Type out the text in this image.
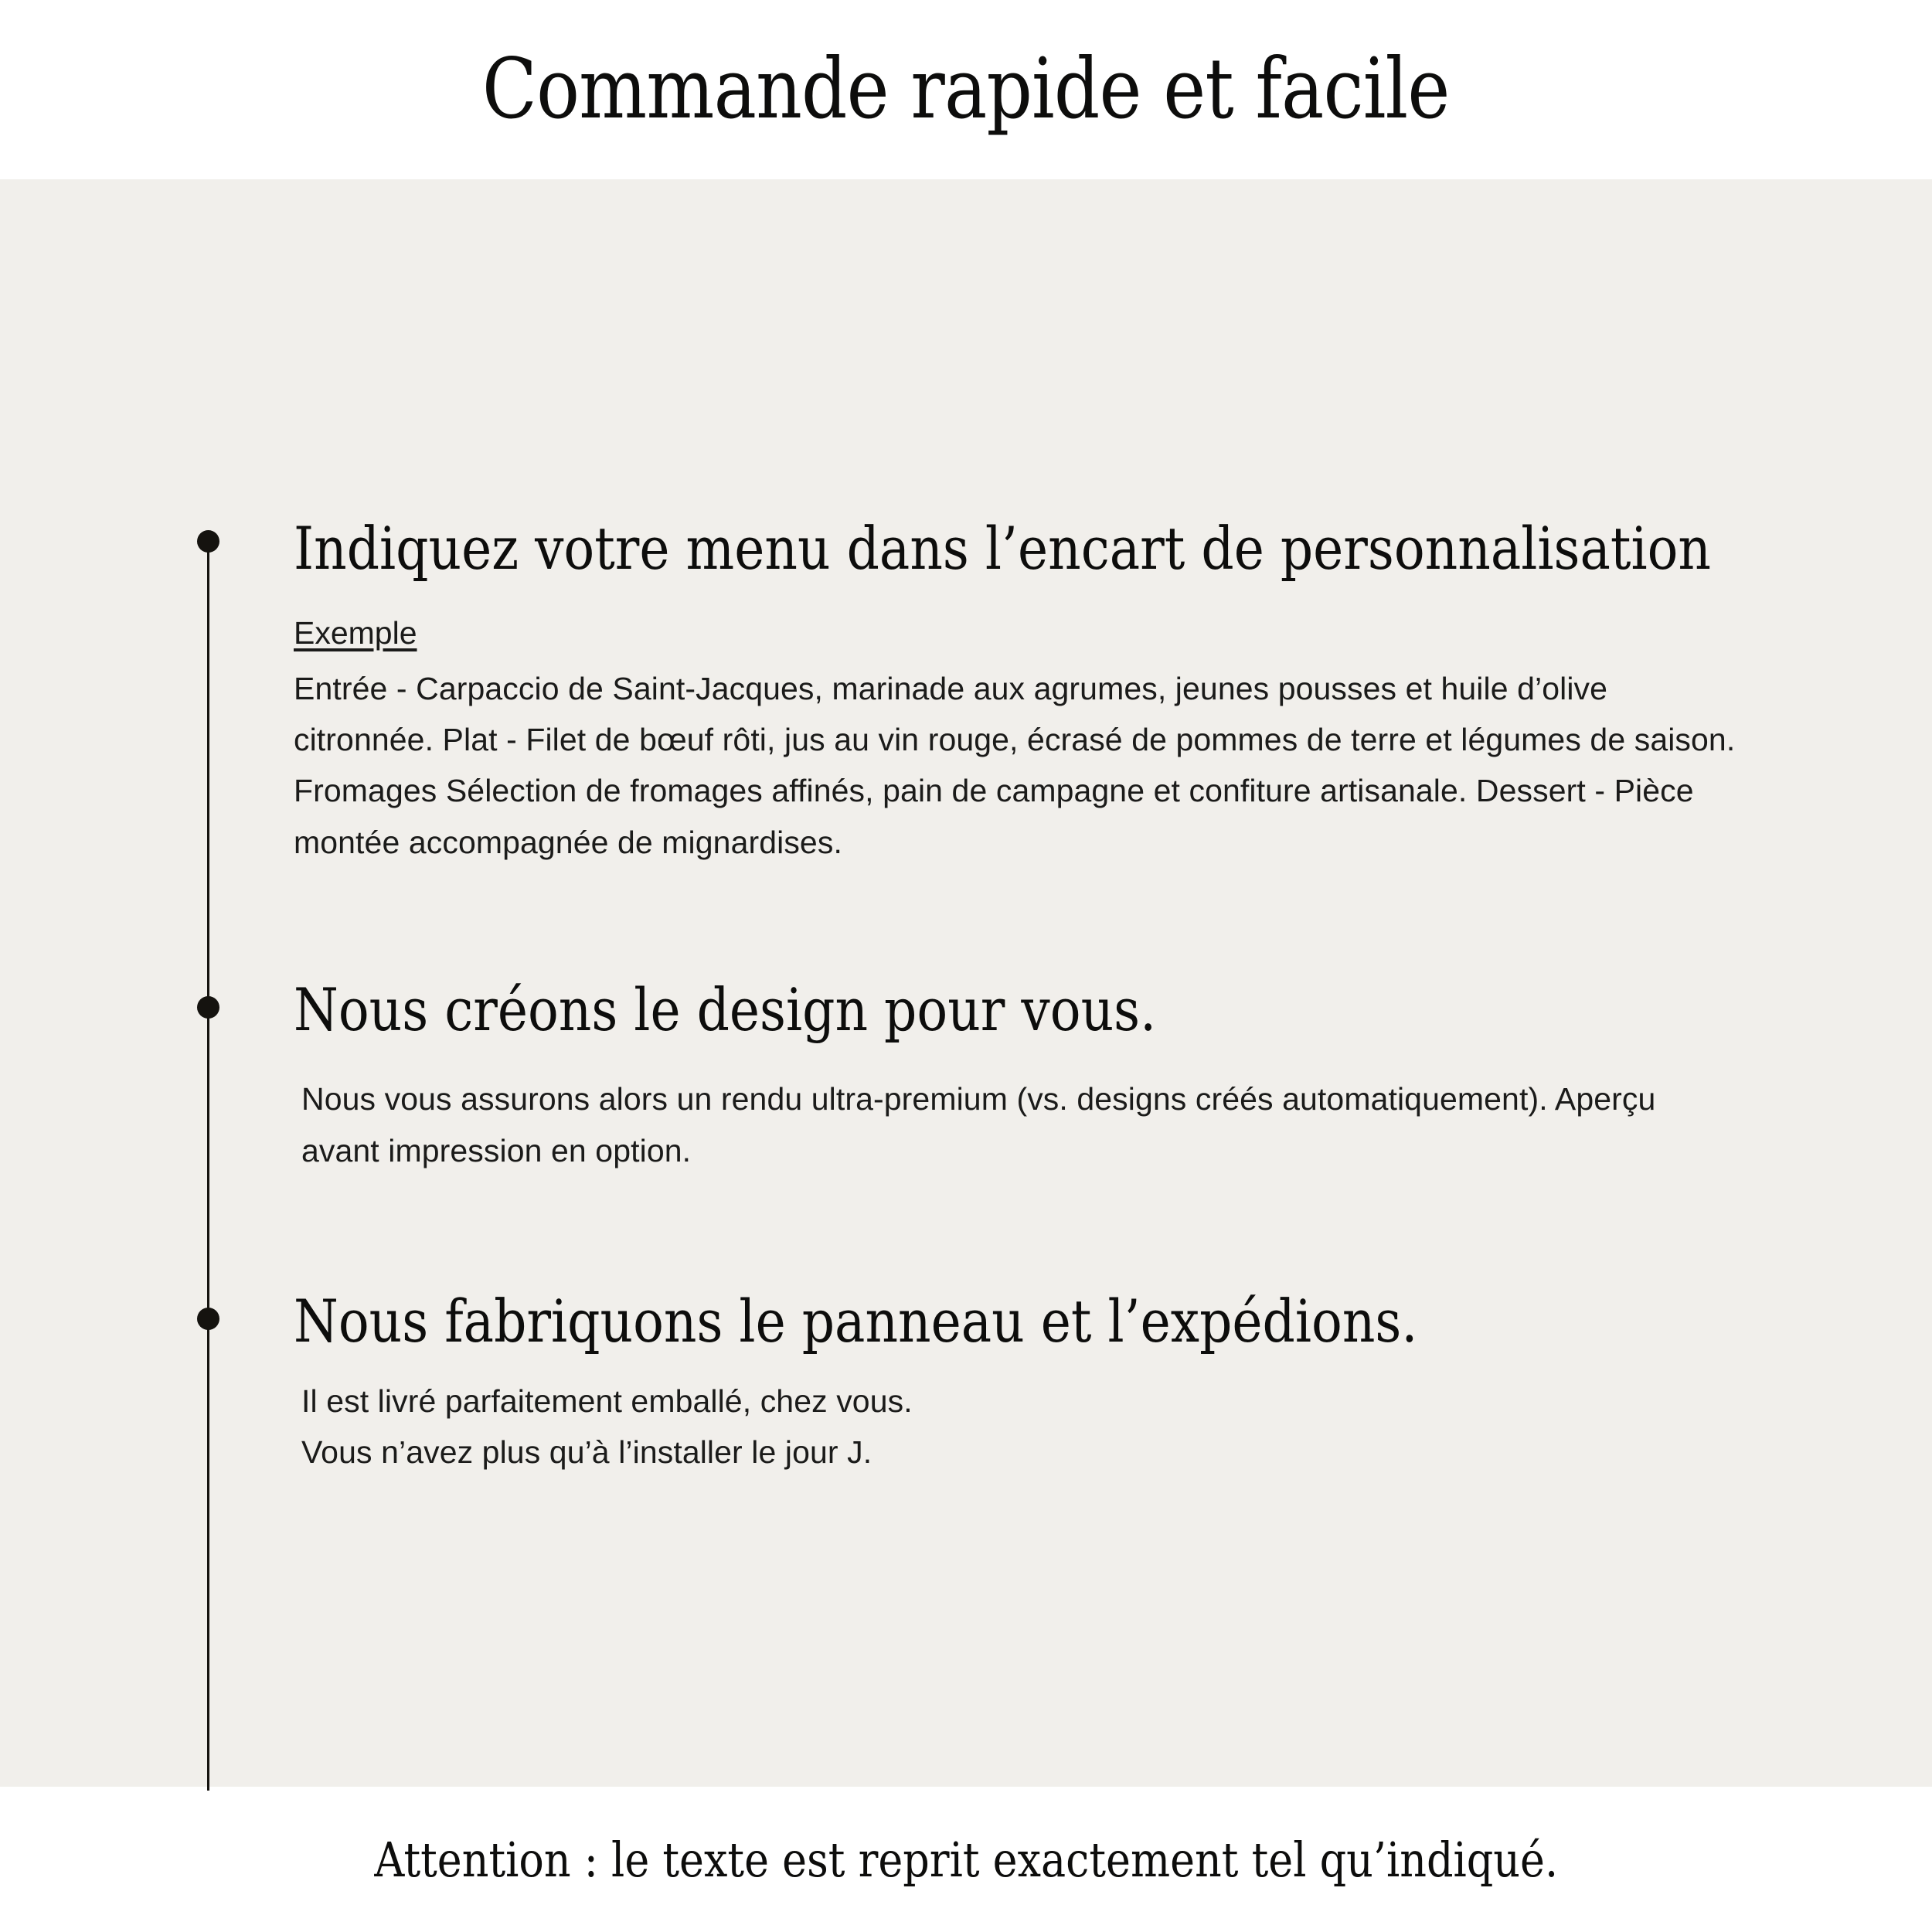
Commande rapide et facile
Indiquez votre menu dans l’encart de personnalisation

Exemple

Entrée - Carpaccio de Saint-Jacques, marinade aux agrumes, jeunes pousses et huile d’olive citronnée. Plat - Filet de bœuf rôti, jus au vin rouge, écrasé de pommes de terre et légumes de saison. Fromages Sélection de fromages affinés, pain de campagne et confiture artisanale. Dessert - Pièce montée accompagnée de mignardises.

Nous créons le design pour vous.

Nous vous assurons alors un rendu ultra-premium (vs. designs créés automatiquement). Aperçu avant impression en option.

Nous fabriquons le panneau et l’expédions.

Il est livré parfaitement emballé, chez vous.

Vous n’avez plus qu’à l’installer le jour J.

Attention : le texte est reprit exactement tel qu’indiqué.
